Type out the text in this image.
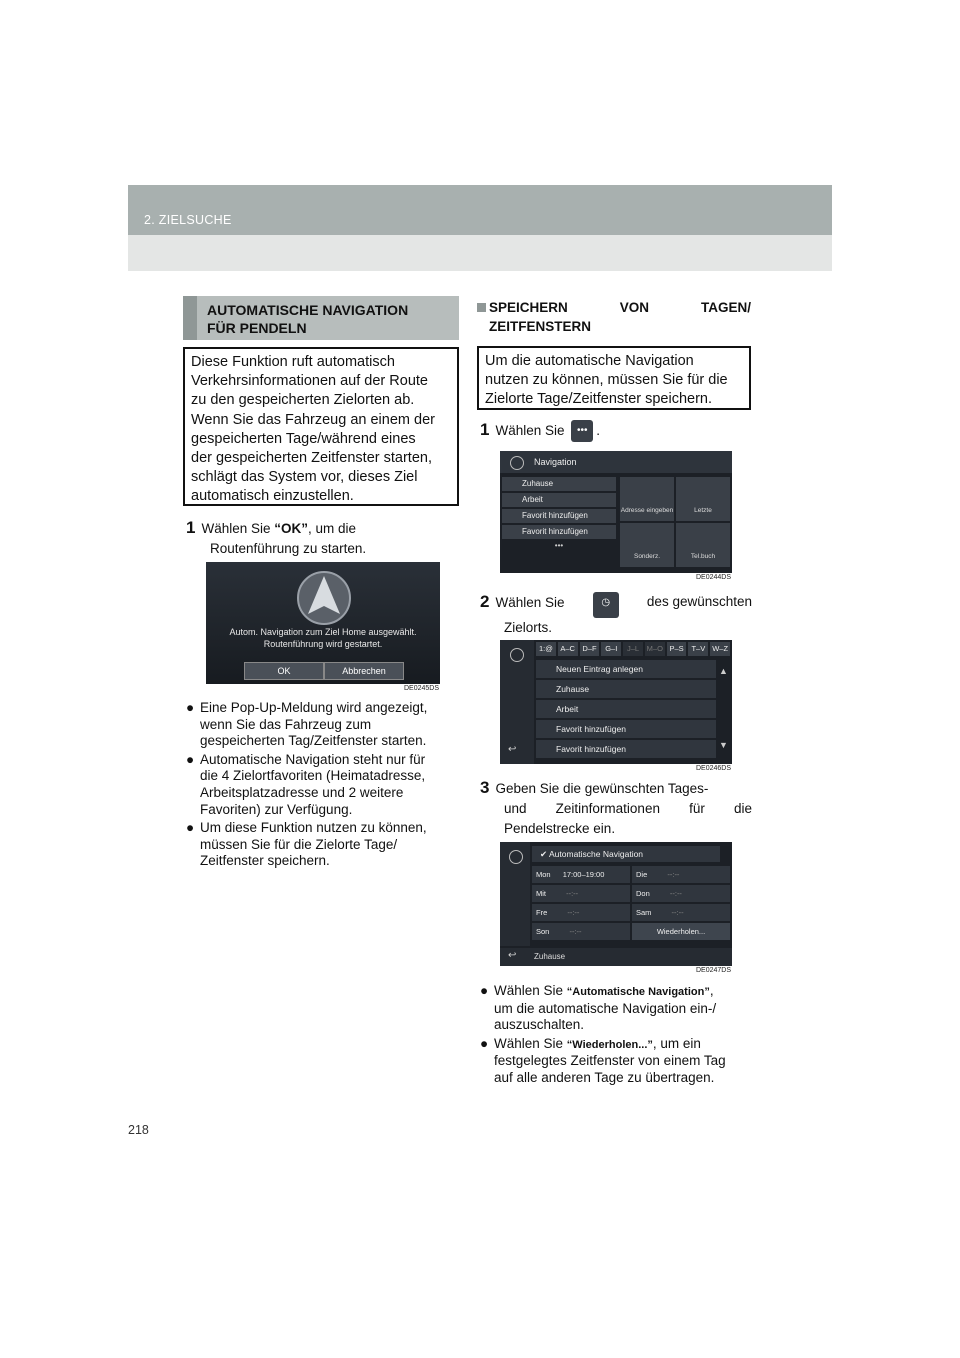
2. ZIELSUCHE
218
AUTOMATISCHE NAVIGATION
FÜR PENDELN
Diese Funktion ruft automatisch
Verkehrsinformationen auf der Route
zu den gespeicherten Zielorten ab.
Wenn Sie das Fahrzeug an einem der
gespeicherten Tage/während eines
der gespeicherten Zeitfenster starten,
schlägt das System vor, dieses Ziel
automatisch einzustellen.
1 Wählen Sie “OK”, um die
Routenführung zu starten.
Autom. Navigation zum Ziel Home ausgewählt.
Routenführung wird gestartet.
OK	Abbrechen
DE0245DS
● Eine Pop-Up-Meldung wird angezeigt,
wenn Sie das Fahrzeug zum
gespeicherten Tag/Zeitfenster starten.
● Automatische Navigation steht nur für
die 4 Zielortfavoriten (Heimatadresse,
Arbeitsplatzadresse und 2 weitere
Favoriten) zur Verfügung.
● Um diese Funktion nutzen zu können,
müssen Sie für die Zielorte Tage/
Zeitfenster speichern.
SPEICHERN	VON	TAGEN/
ZEITFENSTERN
Um die automatische Navigation
nutzen zu können, müssen Sie für die
Zielorte Tage/Zeitfenster speichern.
1 Wählen Sie ••• .
Navigation
Zuhause
Arbeit
Favorit hinzufügen
Favorit hinzufügen
•••
Adresse eingeben	Letzte
Sonderz.	Tel.buch
DE0244DS
2 Wählen Sie	◷	des gewünschten
Zielorts.
↩
1:@	A–C D–F	G–I	J–L	M–O P–S	T–V W–Z
Neuen Eintrag anlegen
Zuhause
Arbeit
Favorit hinzufügen
Favorit hinzufügen
▲
▼
DE0246DS
3 Geben Sie die gewünschten Tages-
und Zeitinformationen für die
Pendelstrecke ein.
✔ Automatische Navigation
Mon 17:00–19:00	Die	--:--
Mit	--:--	Don	--:--
Fre	--:--	Sam	--:--
Son	--:--	Wiederholen...
↩ Zuhause
DE0247DS
● Wählen Sie “Automatische Navigation”,
um die automatische Navigation ein-/
auszuschalten.
● Wählen Sie “Wiederholen...”, um ein
festgelegtes Zeitfenster von einem Tag
auf alle anderen Tage zu übertragen.
